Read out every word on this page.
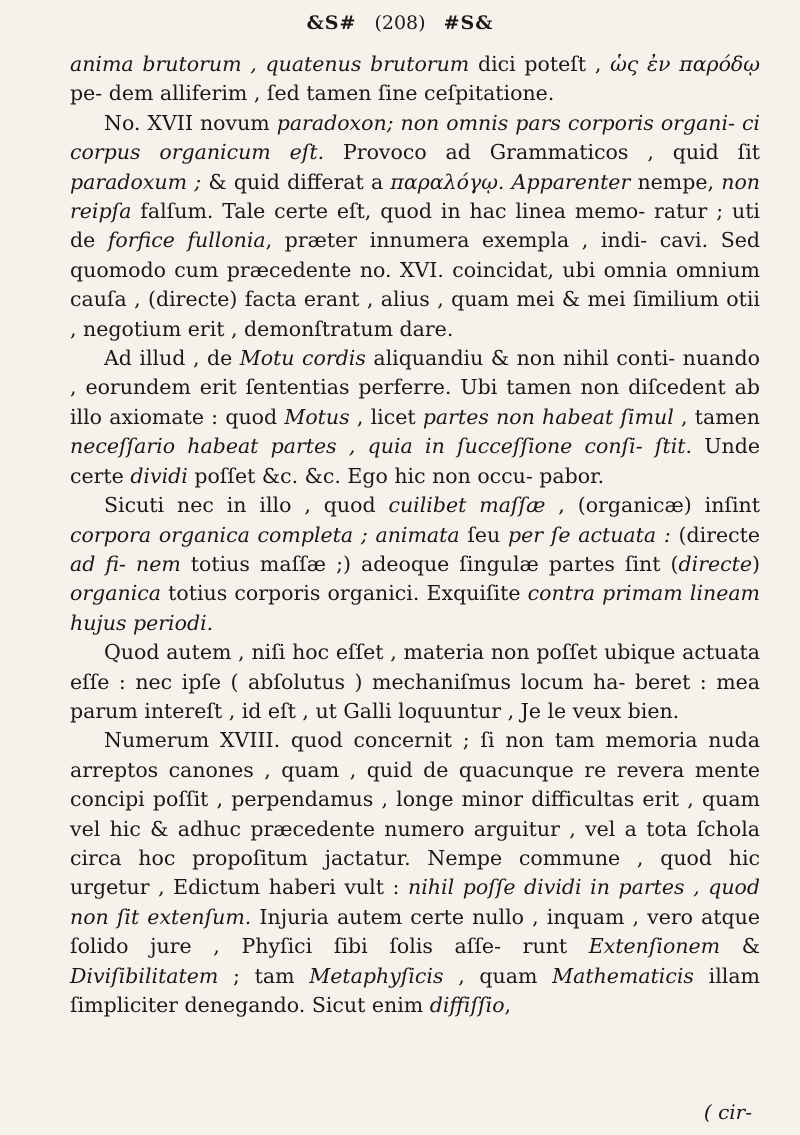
&S# (208) #S&

anima brutorum , quatenus brutorum dici poteſt , ὡς ἐν παρόδῳ pe- dem alliferim , ſed tamen ſine ceſpitatione.

No. XVII novum paradoxon; non omnis pars corporis organi- ci corpus organicum eſt. Provoco ad Grammaticos , quid ſit paradoxum ; & quid differat a παραλόγῳ. Apparenter nempe, non reipſa falſum. Tale certe eſt, quod in hac linea memo- ratur ; uti de forfice fullonia, præter innumera exempla , indi- cavi. Sed quomodo cum præcedente no. XVI. coincidat, ubi omnia omnium cauſa , (directe) facta erant , alius , quam mei & mei ſimilium otii , negotium erit , demonſtratum dare.

Ad illud , de Motu cordis aliquandiu & non nihil conti- nuando , eorundem erit ſententias perferre. Ubi tamen non diſcedent ab illo axiomate : quod Motus , licet partes non habeat ſimul , tamen neceſſario habeat partes , quia in ſucceſſione conſi- ſtit. Unde certe dividi poſſet &c. &c. Ego hic non occu- pabor.

Sicuti nec in illo , quod cuilibet maſſæ , (organicæ) inſint corpora organica completa ; animata ſeu per ſe actuata : (directe ad fi- nem totius maſſæ ;) adeoque ſingulæ partes ſint (directe) organica totius corporis organici. Exquiſite contra primam lineam hujus periodi.

Quod autem , niſi hoc eſſet , materia non poſſet ubique actuata eſſe : nec ipſe ( abſolutus ) mechaniſmus locum ha- beret : mea parum intereſt , id eſt , ut Galli loquuntur , Je le veux bien.

Numerum XVIII. quod concernit ; ſi non tam memoria nuda arreptos canones , quam , quid de quacunque re revera mente concipi poſſit , perpendamus , longe minor difficultas erit , quam vel hic & adhuc præcedente numero arguitur , vel a tota ſchola circa hoc propoſitum jactatur. Nempe commune , quod hic urgetur , Edictum haberi vult : nihil poſſe dividi in partes , quod non ſit extenſum. Injuria autem certe nullo , inquam , vero atque ſolido jure , Phyſici ſibi ſolis aſſe- runt Extenſionem & Diviſibilitatem ; tam Metaphyſicis , quam Mathematicis illam ſimpliciter denegando. Sicut enim diffiſſio,

( cir-
